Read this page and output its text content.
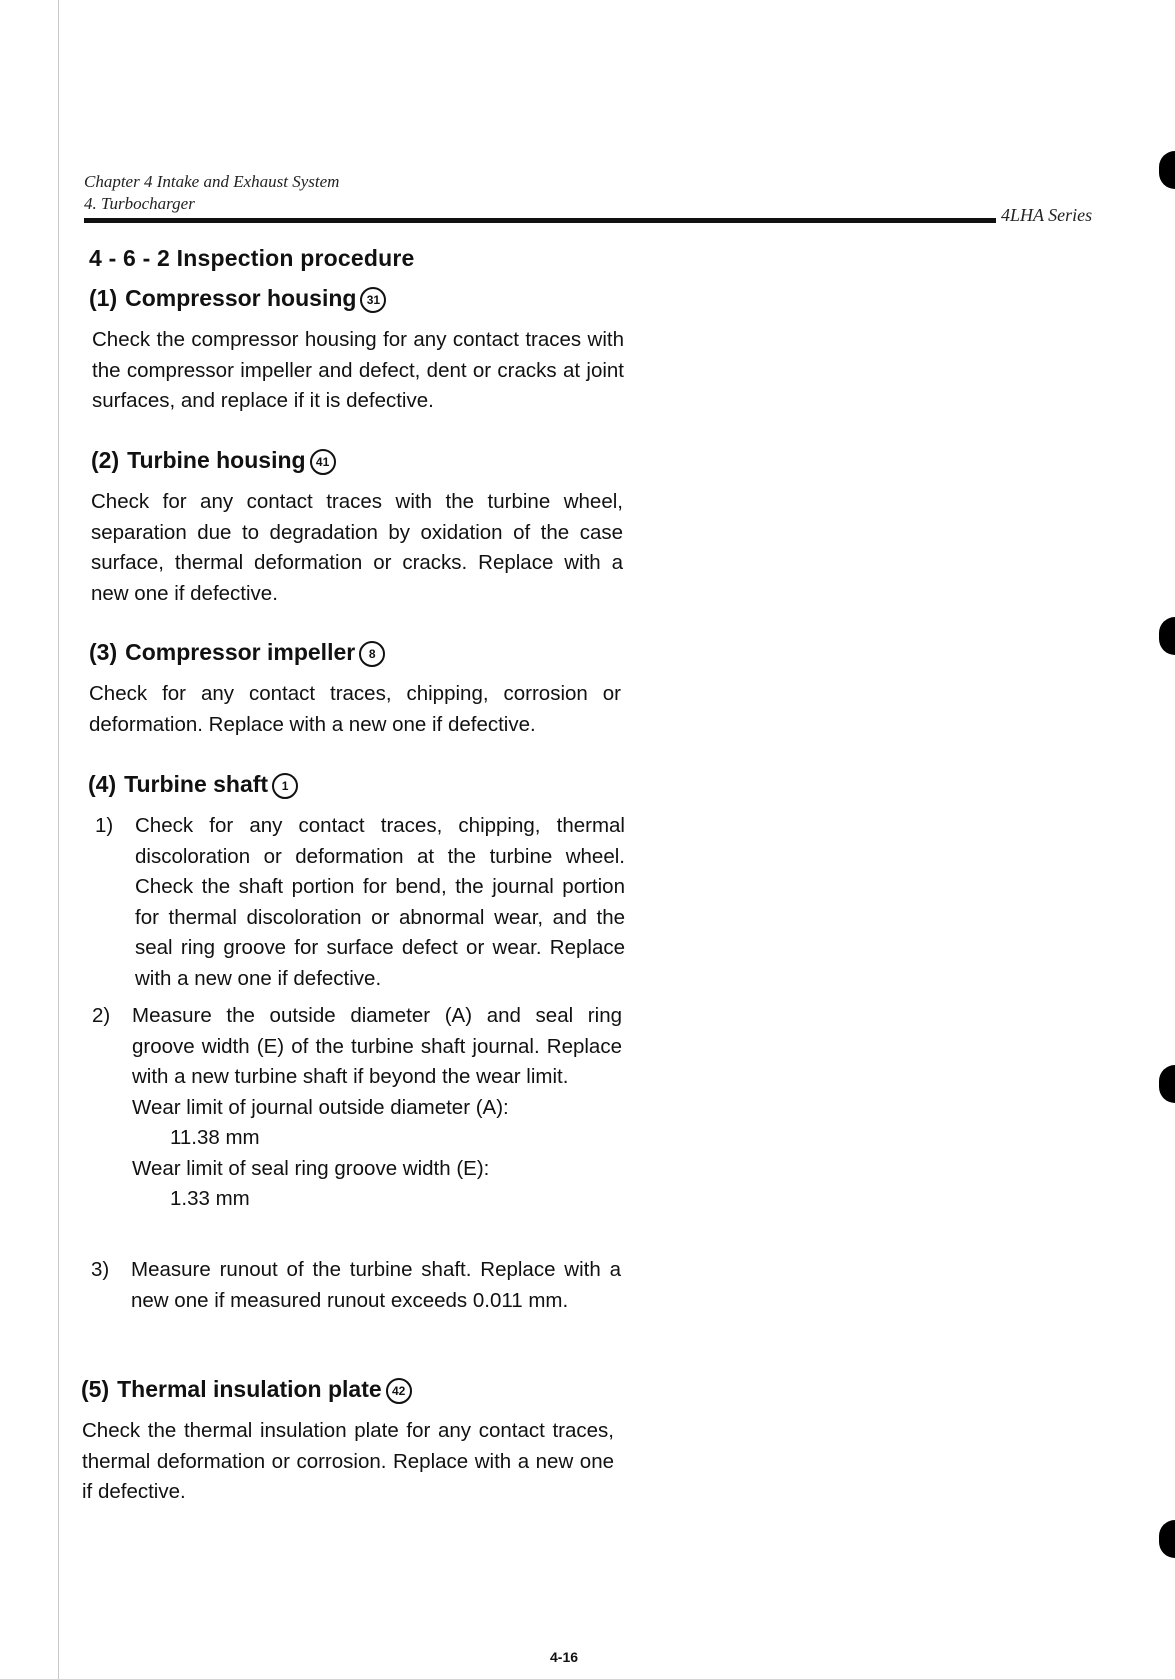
Chapter 4 Intake and Exhaust System
4. Turbocharger
4LHA Series
4 - 6 - 2 Inspection procedure
(1) Compressor housing 31
Check the compressor housing for any contact traces with the compressor impeller and defect, dent or cracks at joint surfaces, and replace if it is defective.
(2) Turbine housing 41
Check for any contact traces with the turbine wheel, separation due to degradation by oxidation of the case surface, thermal deformation or cracks. Replace with a new one if defective.
(3) Compressor impeller 8
Check for any contact traces, chipping, corrosion or deformation. Replace with a new one if defective.
(4) Turbine shaft 1
1) Check for any contact traces, chipping, thermal discoloration or deformation at the turbine wheel. Check the shaft portion for bend, the journal portion for thermal discoloration or abnormal wear, and the seal ring groove for surface defect or wear. Replace with a new one if defective.
2) Measure the outside diameter (A) and seal ring groove width (E) of the turbine shaft journal. Replace with a new turbine shaft if beyond the wear limit.
Wear limit of journal outside diameter (A):
11.38 mm
Wear limit of seal ring groove width (E):
1.33 mm
3) Measure runout of the turbine shaft. Replace with a new one if measured runout exceeds 0.011 mm.
(5) Thermal insulation plate 42
Check the thermal insulation plate for any contact traces, thermal deformation or corrosion. Replace with a new one if defective.
4-16
